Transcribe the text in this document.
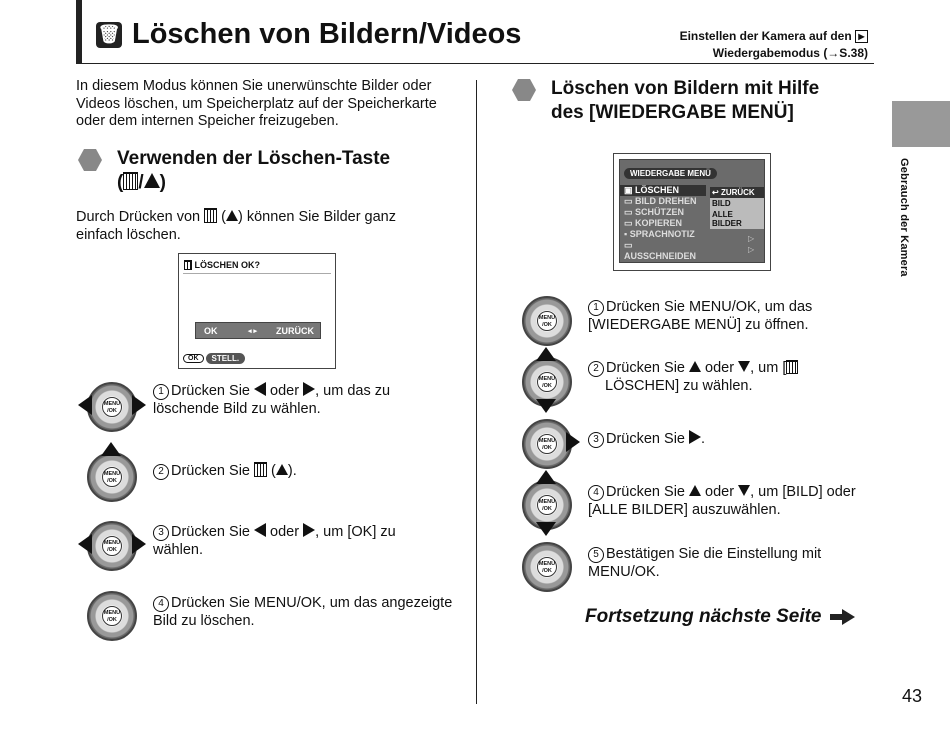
🗑 Löschen von Bildern/Videos	Einstellen der Kamera auf den ▶
Wiedergabemodus (→S.38)
Gebrauch der Kamera
43
In diesem Modus können Sie unerwünschte Bilder oder Videos löschen, um Speicherplatz auf der Speicherkarte oder dem internen Speicher freizugeben.
Verwenden der Löschen-Taste
( / )
Durch Drücken von ( ) können Sie Bilder ganz einfach löschen.
LÖSCHEN OK?
OK	◂ ▸	ZURÜCK
OK	STELL.
MENU /OK
1 Drücken Sie oder , um das zu löschende Bild zu wählen.
MENU /OK
2 Drücken Sie ( ).
MENU /OK
3 Drücken Sie oder , um [OK] zu wählen.
MENU /OK
4 Drücken Sie MENU/OK, um das angezeigte Bild zu löschen.
Löschen von Bildern mit Hilfe
des [WIEDERGABE MENÜ]
WIEDERGABE MENÜ
▣ LÖSCHEN
▭ BILD DREHEN
▭ SCHÜTZEN
▭ KOPIEREN
▪ SPRACHNOTIZ
▭ AUSSCHNEIDEN
▷
▷
↩ ZURÜCK
BILD
ALLE BILDER
MENU /OK
1 Drücken Sie MENU/OK, um das [WIEDERGABE MENÜ] zu öffnen.
MENU /OK
2 Drücken Sie oder , um [
LÖSCHEN] zu wählen.
MENU /OK
3 Drücken Sie .
MENU /OK
4 Drücken Sie oder , um [BILD] oder [ALLE BILDER] auszuwählen.
MENU /OK
5 Bestätigen Sie die Einstellung mit MENU/OK.
Fortsetzung nächste Seite
